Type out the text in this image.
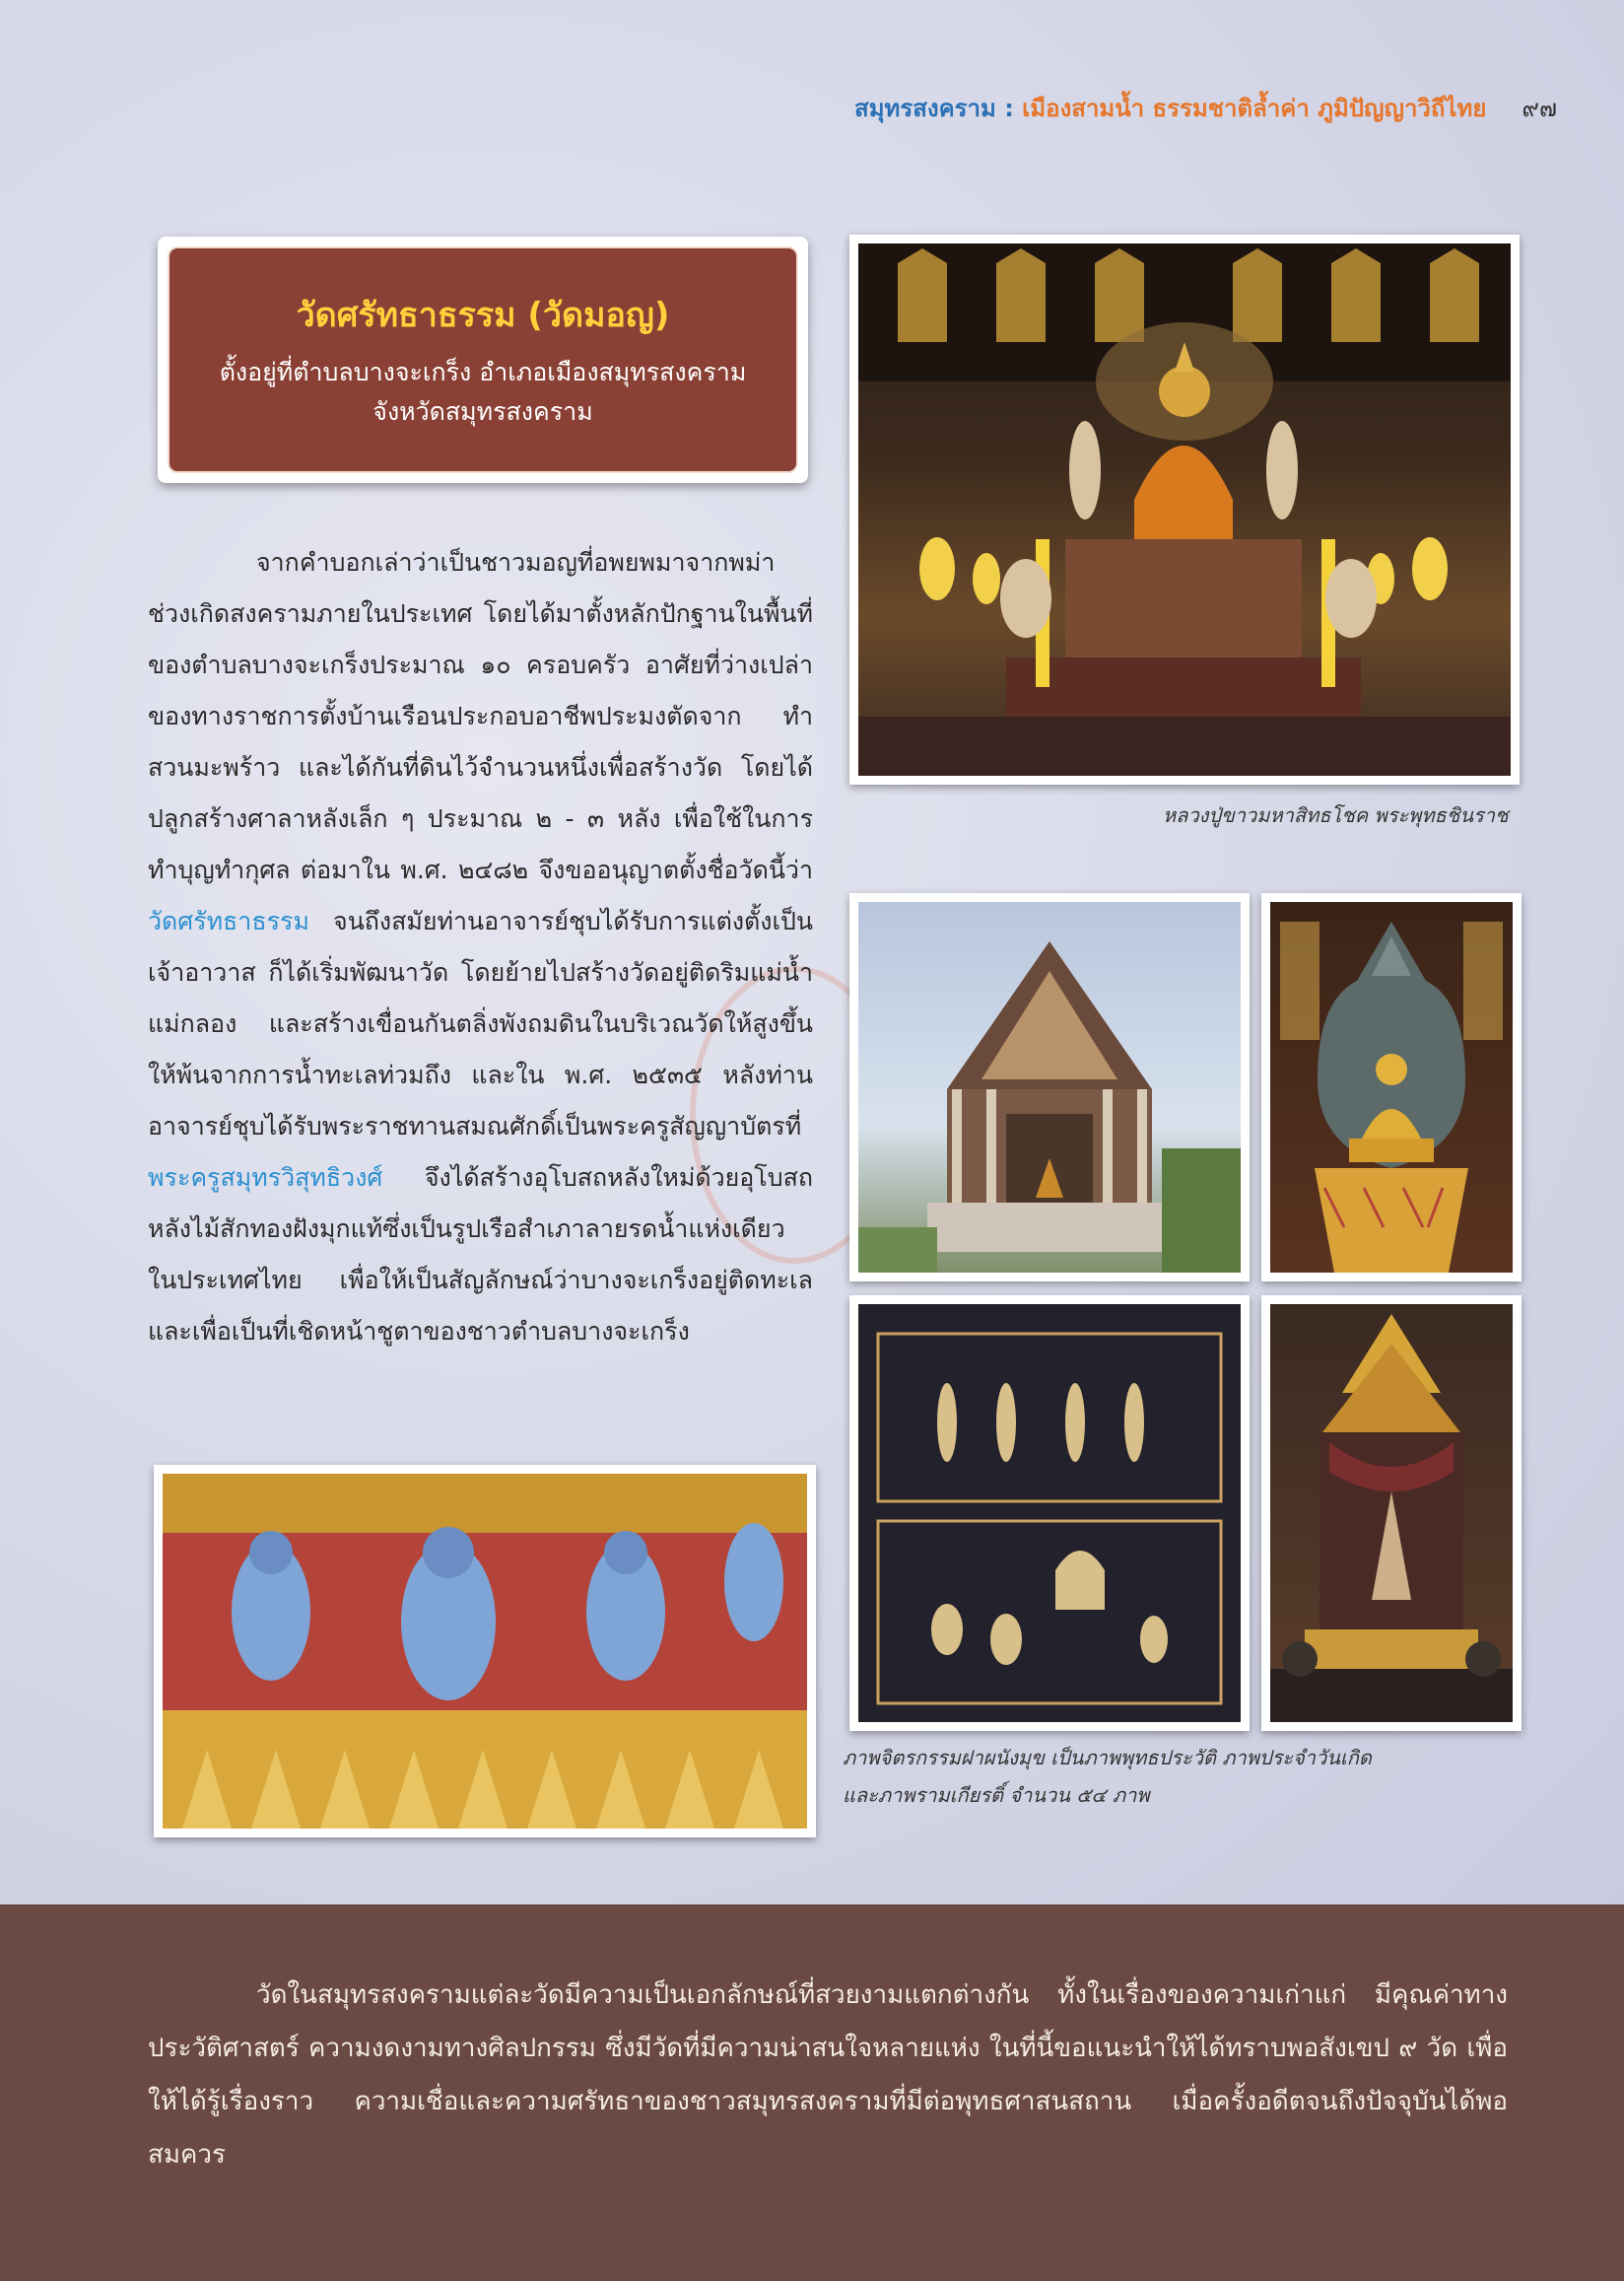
สมุทรสงคราม : เมืองสามน้ำ ธรรมชาติล้ำค่า ภูมิปัญญาวิถีไทย ๙๗
วัดศรัทธาธรรม (วัดมอญ)
ตั้งอยู่ที่ตำบลบางจะเกร็ง อำเภอเมืองสมุทรสงคราม
จังหวัดสมุทรสงคราม

จากคำบอกเล่าว่าเป็นชาวมอญที่อพยพมาจากพม่าช่วงเกิดสงครามภายในประเทศ โดยได้มาตั้งหลักปักฐานในพื้นที่ของตำบลบางจะเกร็งประมาณ ๑๐ ครอบครัว อาศัยที่ว่างเปล่าของทางราชการตั้งบ้านเรือนประกอบอาชีพประมงตัดจาก ทำสวนมะพร้าว และได้กันที่ดินไว้จำนวนหนึ่งเพื่อสร้างวัด โดยได้ปลูกสร้างศาลาหลังเล็ก ๆ ประมาณ ๒ - ๓ หลัง เพื่อใช้ในการทำบุญทำกุศล ต่อมาใน พ.ศ. ๒๔๘๒ จึงขออนุญาตตั้งชื่อวัดนี้ว่า วัดศรัทธาธรรม จนถึงสมัยท่านอาจารย์ชุบได้รับการแต่งตั้งเป็นเจ้าอาวาส ก็ได้เริ่มพัฒนาวัด โดยย้ายไปสร้างวัดอยู่ติดริมแม่น้ำแม่กลอง และสร้างเขื่อนกันตลิ่งพังถมดินในบริเวณวัดให้สูงขึ้นให้พ้นจากการน้ำทะเลท่วมถึง และใน พ.ศ. ๒๕๓๕ หลังท่านอาจารย์ชุบได้รับพระราชทานสมณศักดิ์เป็นพระครูสัญญาบัตรที่ พระครูสมุทรวิสุทธิวงศ์ จึงได้สร้างอุโบสถหลังใหม่ด้วยอุโบสถหลังไม้สักทองฝังมุกแท้ซึ่งเป็นรูปเรือสำเภาลายรดน้ำแห่งเดียวในประเทศไทย เพื่อให้เป็นสัญลักษณ์ว่าบางจะเกร็งอยู่ติดทะเลและเพื่อเป็นที่เชิดหน้าชูตาของชาวตำบลบางจะเกร็ง

หลวงปู่ขาวมหาสิทธโชค พระพุทธชินราช
ภาพจิตรกรรมฝาผนังมุข เป็นภาพพุทธประวัติ ภาพประจำวันเกิด
และภาพรามเกียรติ์ จำนวน ๕๔ ภาพ

วัดในสมุทรสงครามแต่ละวัดมีความเป็นเอกลักษณ์ที่สวยงามแตกต่างกัน ทั้งในเรื่องของความเก่าแก่ มีคุณค่าทางประวัติศาสตร์ ความงดงามทางศิลปกรรม ซึ่งมีวัดที่มีความน่าสนใจหลายแห่ง ในที่นี้ขอแนะนำให้ได้ทราบพอสังเขป ๙ วัด เพื่อให้ได้รู้เรื่องราว ความเชื่อและความศรัทธาของชาวสมุทรสงครามที่มีต่อพุทธศาสนสถาน เมื่อครั้งอดีตจนถึงปัจจุบันได้พอสมควร
